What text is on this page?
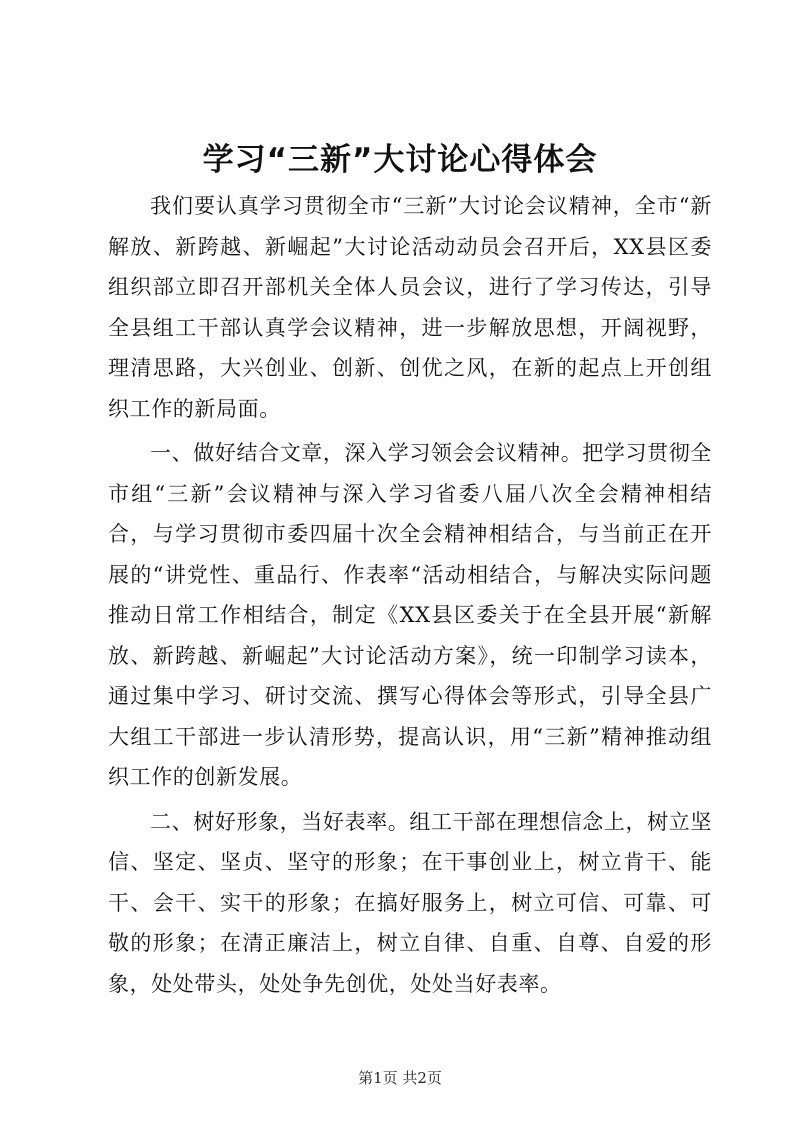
学习“三新”大讨论心得体会

我们要认真学习贯彻全市“三新”大讨论会议精神，全市“新解放、新跨越、新崛起”大讨论活动动员会召开后，XX县区委组织部立即召开部机关全体人员会议，进行了学习传达，引导全县组工干部认真学会议精神，进一步解放思想，开阔视野，理清思路，大兴创业、创新、创优之风，在新的起点上开创组织工作的新局面。

一、做好结合文章，深入学习领会会议精神。把学习贯彻全市组“三新”会议精神与深入学习省委八届八次全会精神相结合，与学习贯彻市委四届十次全会精神相结合，与当前正在开展的“讲党性、重品行、作表率“活动相结合，与解决实际问题推动日常工作相结合，制定《XX县区委关于在全县开展“新解放、新跨越、新崛起”大讨论活动方案》，统一印制学习读本，通过集中学习、研讨交流、撰写心得体会等形式，引导全县广大组工干部进一步认清形势，提高认识，用“三新”精神推动组织工作的创新发展。

二、树好形象，当好表率。组工干部在理想信念上，树立坚信、坚定、坚贞、坚守的形象；在干事创业上，树立肯干、能干、会干、实干的形象；在搞好服务上，树立可信、可靠、可敬的形象；在清正廉洁上，树立自律、自重、自尊、自爱的形象，处处带头，处处争先创优，处处当好表率。

第1页 共2页
